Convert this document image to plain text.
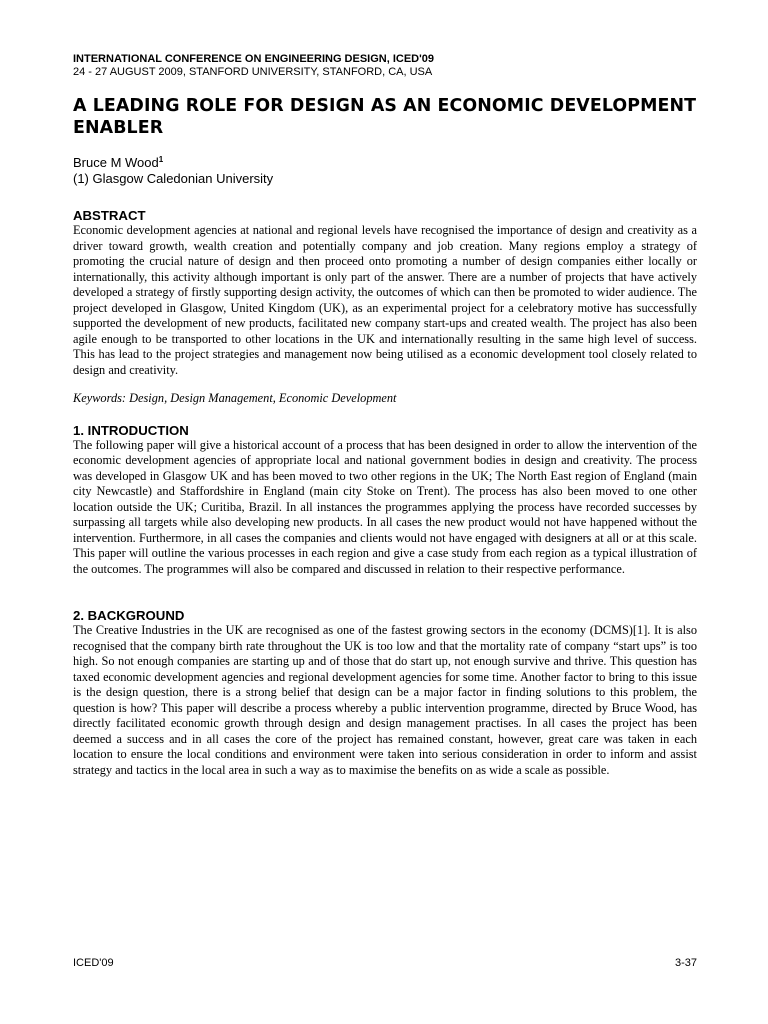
INTERNATIONAL CONFERENCE ON ENGINEERING DESIGN, ICED'09
24 - 27 AUGUST 2009, STANFORD UNIVERSITY, STANFORD, CA, USA
A LEADING ROLE FOR DESIGN AS AN ECONOMIC DEVELOPMENT ENABLER
Bruce M Wood$^1$
(1) Glasgow Caledonian University
ABSTRACT

Economic development agencies at national and regional levels have recognised the importance of design and creativity as a driver toward growth, wealth creation and potentially company and job creation. Many regions employ a strategy of promoting the crucial nature of design and then proceed onto promoting a number of design companies either locally or internationally, this activity although important is only part of the answer. There are a number of projects that have actively developed a strategy of firstly supporting design activity, the outcomes of which can then be promoted to wider audience. The project developed in Glasgow, United Kingdom (UK), as an experimental project for a celebratory motive has successfully supported the development of new products, facilitated new company start-ups and created wealth. The project has also been agile enough to be transported to other locations in the UK and internationally resulting in the same high level of success. This has lead to the project strategies and management now being utilised as a economic development tool closely related to design and creativity.

Keywords: Design, Design Management, Economic Development
1. INTRODUCTION

The following paper will give a historical account of a process that has been designed in order to allow the intervention of the economic development agencies of appropriate local and national government bodies in design and creativity. The process was developed in Glasgow UK and has been moved to two other regions in the UK; The North East region of England (main city Newcastle) and Staffordshire in England (main city Stoke on Trent). The process has also been moved to one other location outside the UK; Curitiba, Brazil. In all instances the programmes applying the process have recorded successes by surpassing all targets while also developing new products. In all cases the new product would not have happened without the intervention. Furthermore, in all cases the companies and clients would not have engaged with designers at all or at this scale. This paper will outline the various processes in each region and give a case study from each region as a typical illustration of the outcomes. The programmes will also be compared and discussed in relation to their respective performance.

2. BACKGROUND

The Creative Industries in the UK are recognised as one of the fastest growing sectors in the economy (DCMS)[1]. It is also recognised that the company birth rate throughout the UK is too low and that the mortality rate of company “start ups” is too high. So not enough companies are starting up and of those that do start up, not enough survive and thrive. This question has taxed economic development agencies and regional development agencies for some time. Another factor to bring to this issue is the design question, there is a strong belief that design can be a major factor in finding solutions to this problem, the question is how? This paper will describe a process whereby a public intervention programme, directed by Bruce Wood, has directly facilitated economic growth through design and design management practises. In all cases the project has been deemed a success and in all cases the core of the project has remained constant, however, great care was taken in each location to ensure the local conditions and environment were taken into serious consideration in order to inform and assist strategy and tactics in the local area in such a way as to maximise the benefits on as wide a scale as possible.

ICED'09	3-37
